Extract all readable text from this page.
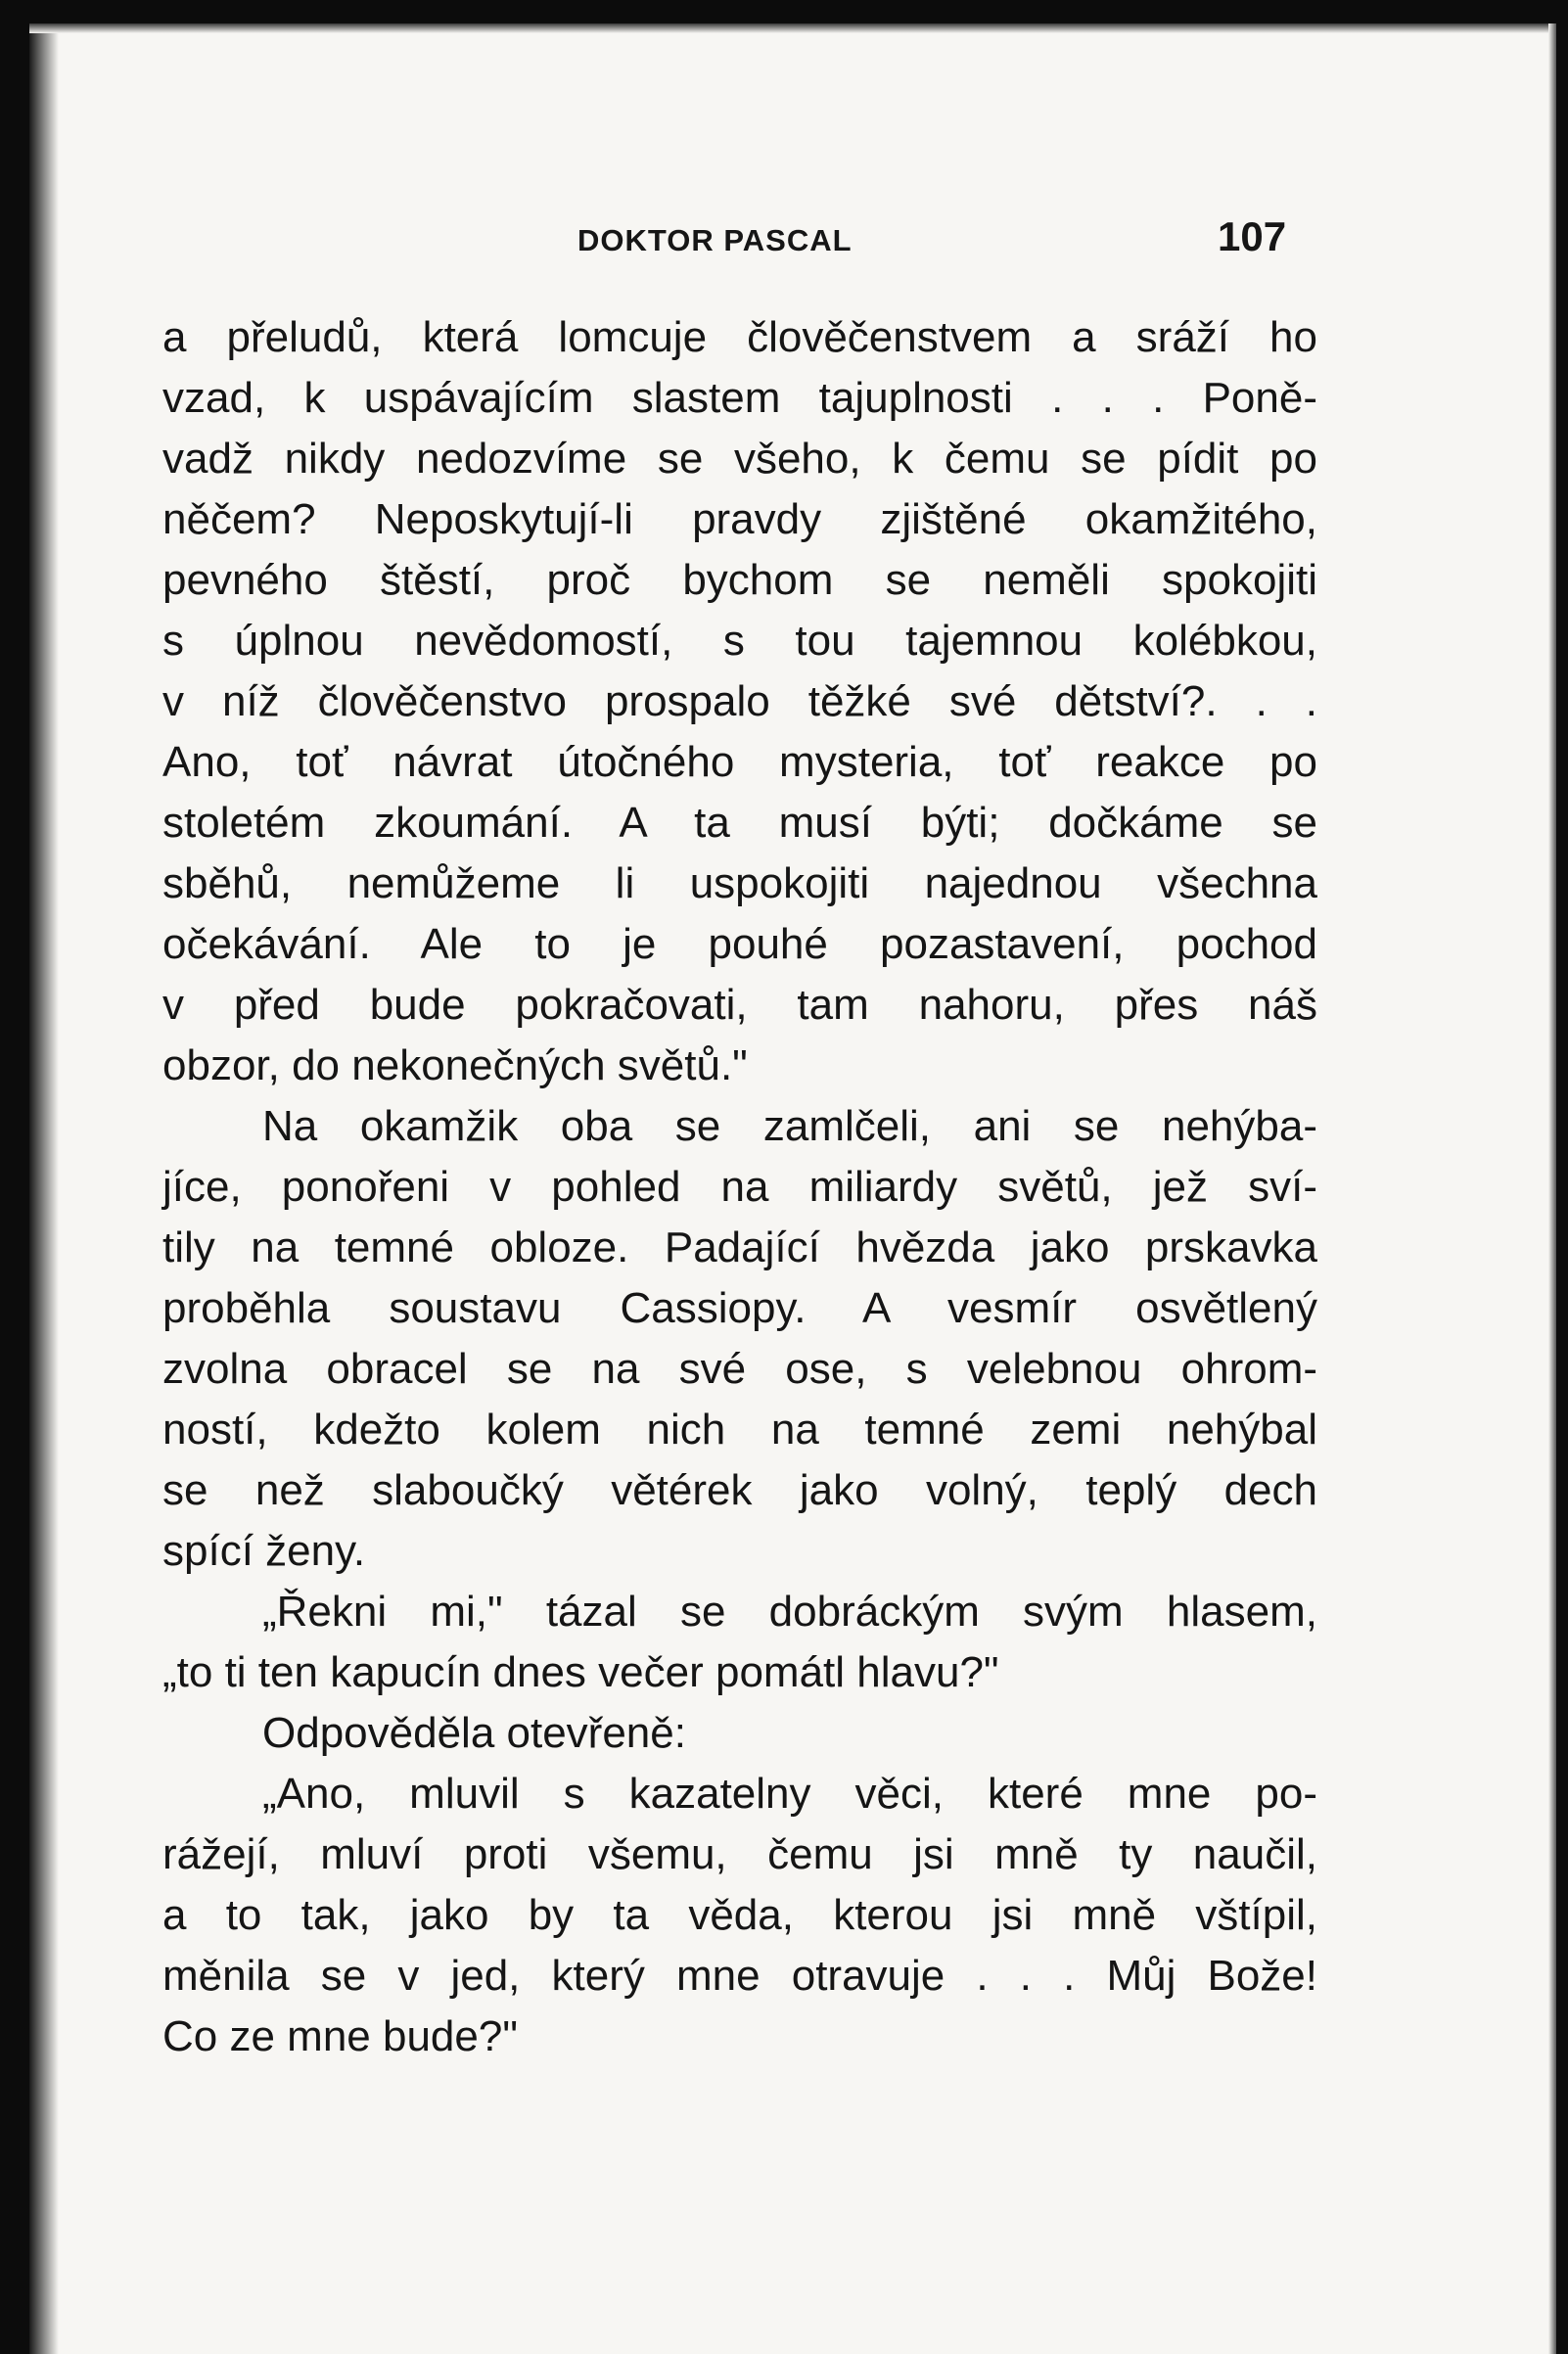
DOKTOR PASCAL	107
a přeludů, která lomcuje člověčenstvem a sráží ho
vzad, k uspávajícím slastem tajuplnosti . . . Poně-
vadž nikdy nedozvíme se všeho, k čemu se pídit po
něčem? Neposkytují-li pravdy zjištěné okamžitého,
pevného štěstí, proč bychom se neměli spokojiti
s úplnou nevědomostí, s tou tajemnou kolébkou,
v níž člověčenstvo prospalo těžké své dětství?. . .
Ano, toť návrat útočného mysteria, toť reakce po
stoletém zkoumání. A ta musí býti; dočkáme se
sběhů, nemůžeme li uspokojiti najednou všechna
očekávání. Ale to je pouhé pozastavení, pochod
v před bude pokračovati, tam nahoru, přes náš
obzor, do nekonečných světů."
Na okamžik oba se zamlčeli, ani se nehýba-
jíce, ponořeni v pohled na miliardy světů, jež sví-
tily na temné obloze. Padající hvězda jako prskavka
proběhla soustavu Cassiopy. A vesmír osvětlený
zvolna obracel se na své ose, s velebnou ohrom-
ností, kdežto kolem nich na temné zemi nehýbal
se než slaboučký větérek jako volný, teplý dech
spící ženy.
„Řekni mi," tázal se dobráckým svým hlasem,
„to ti ten kapucín dnes večer pomátl hlavu?"
Odpověděla otevřeně:
„Ano, mluvil s kazatelny věci, které mne po-
rážejí, mluví proti všemu, čemu jsi mně ty naučil,
a to tak, jako by ta věda, kterou jsi mně vštípil,
měnila se v jed, který mne otravuje . . . Můj Bože!
Co ze mne bude?"
